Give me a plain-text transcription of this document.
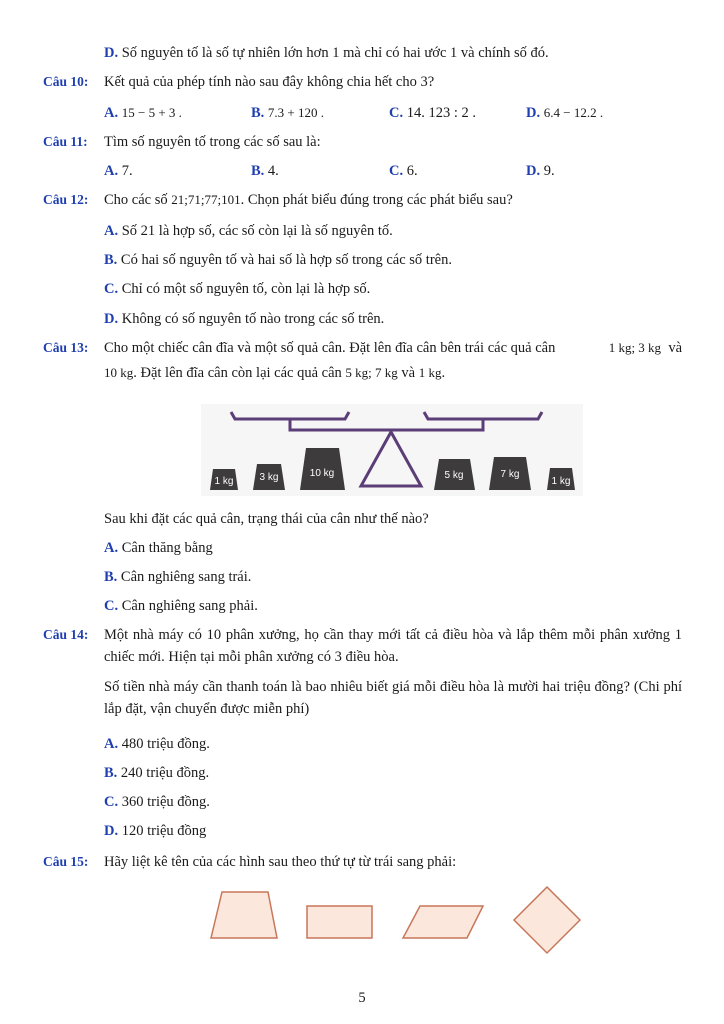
D. Số nguyên tố là số tự nhiên lớn hơn 1 mà chỉ có hai ước 1 và chính số đó.
Câu 10: Kết quả của phép tính nào sau đây không chia hết cho 3?
A. 15 − 5 + 3 .	B. 7.3 + 120 .	C. 14. 123 : 2 .	D. 6.4 − 12.2 .
Câu 11: Tìm số nguyên tố trong các số sau là:
A. 7.	B. 4.	C. 6.	D. 9.
Câu 12: Cho các số 21;71;77;101. Chọn phát biểu đúng trong các phát biểu sau?
A. Số 21 là hợp số, các số còn lại là số nguyên tố.
B. Có hai số nguyên tố và hai số là hợp số trong các số trên.
C. Chỉ có một số nguyên tố, còn lại là hợp số.
D. Không có số nguyên tố nào trong các số trên.
Câu 13: Cho một chiếc cân đĩa và một số quả cân. Đặt lên đĩa cân bên trái các quả cân	1 kg; 3 kg và
10 kg. Đặt lên đĩa cân còn lại các quả cân 5 kg; 7 kg và 1 kg.
1 kg	3 kg	10 kg	5 kg	7 kg
1 kg
Sau khi đặt các quả cân, trạng thái của cân như thế nào?
A. Cân thăng bằng
B. Cân nghiêng sang trái.
C. Cân nghiêng sang phải.
Câu 14: Một nhà máy có 10 phân xưởng, họ cần thay mới tất cả điều hòa và lắp thêm mỗi phân xưởng 1 chiếc mới. Hiện tại mỗi phân xưởng có 3 điều hòa.
Số tiền nhà máy cần thanh toán là bao nhiêu biết giá mỗi điều hòa là mười hai triệu đồng? (Chi phí lắp đặt, vận chuyển được miễn phí)
A. 480 triệu đồng.
B. 240 triệu đồng.
C. 360 triệu đồng.
D. 120 triệu đồng
Câu 15: Hãy liệt kê tên của các hình sau theo thứ tự từ trái sang phải:
5
